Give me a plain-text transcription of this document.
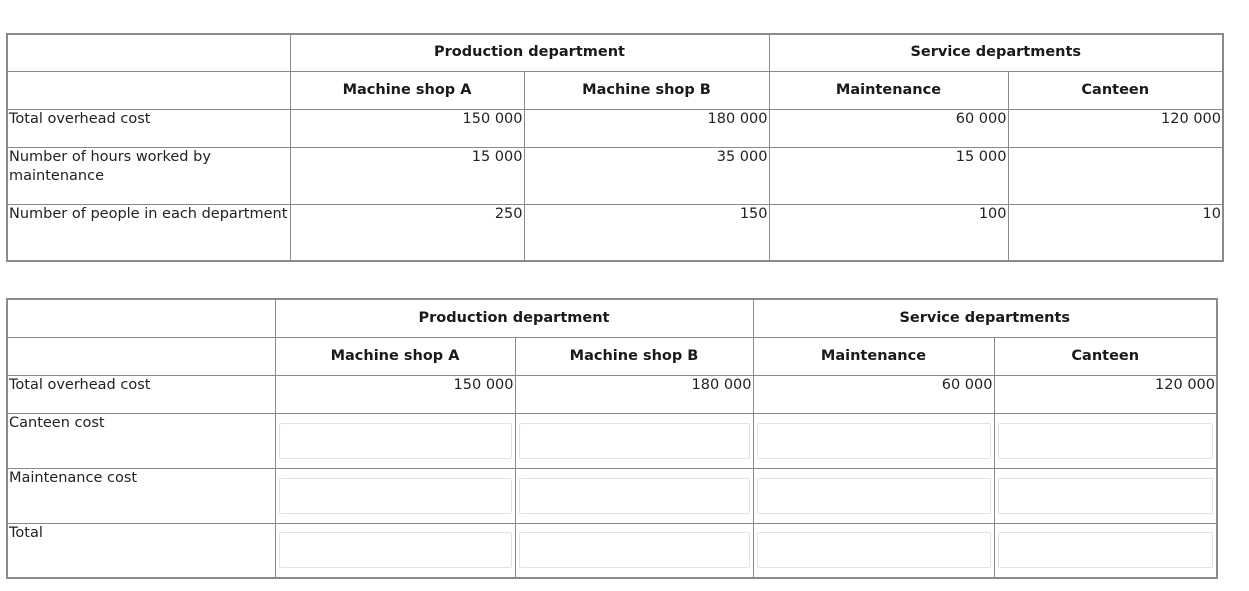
	Production department		Service departments	
	Machine shop A	Machine shop B	Maintenance	Canteen
Total overhead cost	150 000	180 000	60 000	120 000
Number of hours worked by maintenance	15 000	35 000	15 000	
Number of people in each department	250	150	100	10
	Production department		Service departments	
	Machine shop A	Machine shop B	Maintenance	Canteen
Total overhead cost	150 000	180 000	60 000	120 000
Canteen cost	

Maintenance cost	

Total	
